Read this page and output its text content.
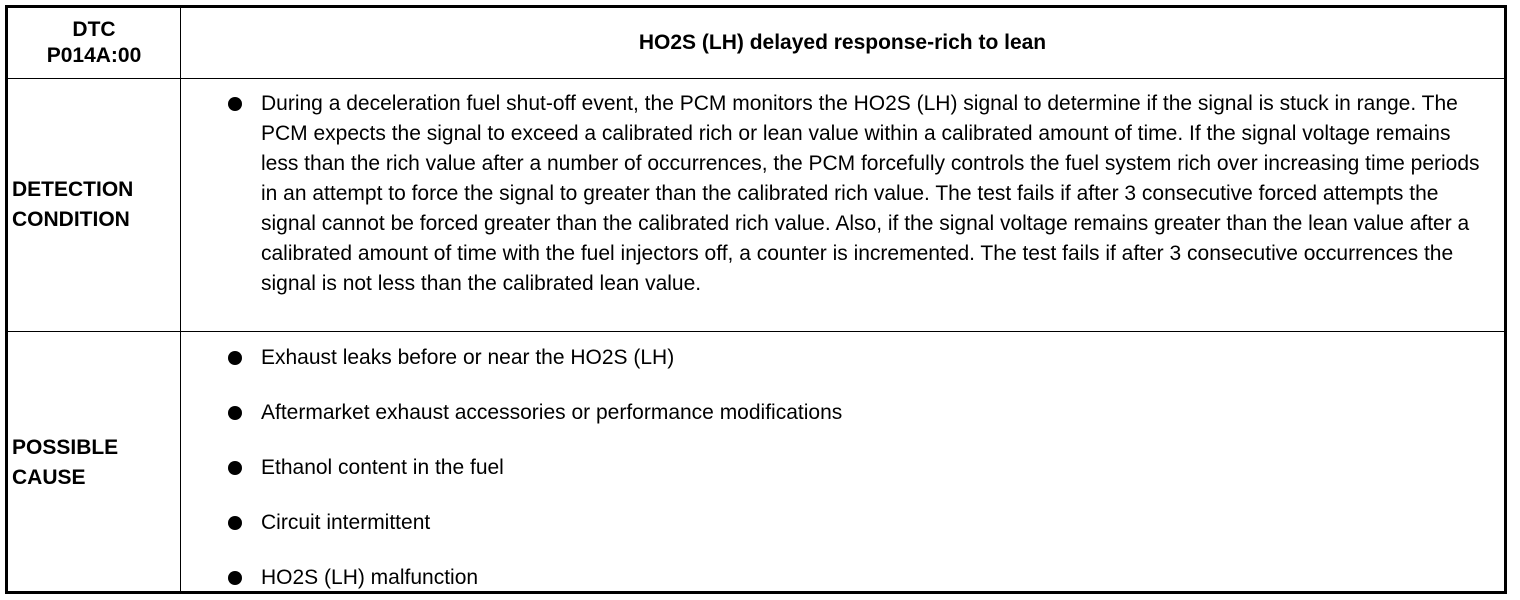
DTC
P014A:00
HO2S (LH) delayed response-rich to lean
DETECTION
CONDITION
During a deceleration fuel shut-off event, the PCM monitors the HO2S (LH) signal to determine if the signal is stuck in range. The PCM expects the signal to exceed a calibrated rich or lean value within a calibrated amount of time. If the signal voltage remains less than the rich value after a number of occurrences, the PCM forcefully controls the fuel system rich over increasing time periods in an attempt to force the signal to greater than the calibrated rich value. The test fails if after 3 consecutive forced attempts the signal cannot be forced greater than the calibrated rich value. Also, if the signal voltage remains greater than the lean value after a calibrated amount of time with the fuel injectors off, a counter is incremented. The test fails if after 3 consecutive occurrences the signal is not less than the calibrated lean value.
POSSIBLE
CAUSE
Exhaust leaks before or near the HO2S (LH)
Aftermarket exhaust accessories or performance modifications
Ethanol content in the fuel
Circuit intermittent
HO2S (LH) malfunction
